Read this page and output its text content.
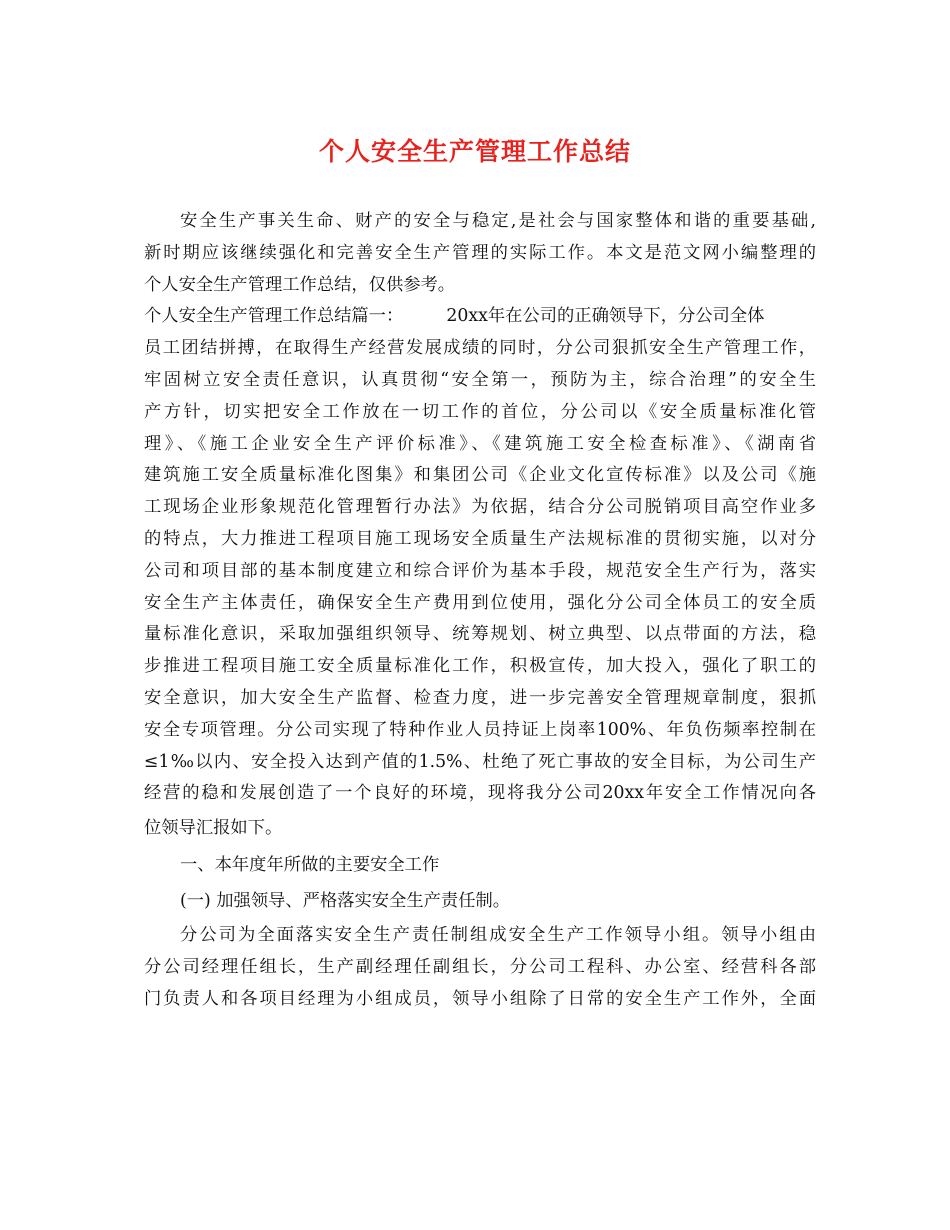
个人安全生产管理工作总结
安全生产事关生命、财产的安全与稳定,是社会与国家整体和谐的重要基础,
新时期应该继续强化和完善安全生产管理的实际工作。本文是范文网小编整理的
个人安全生产管理工作总结，仅供参考。
个人安全生产管理工作总结篇一：　　　20xx年在公司的正确领导下，分公司全体
员工团结拼搏，在取得生产经营发展成绩的同时，分公司狠抓安全生产管理工作，
牢固树立安全责任意识，认真贯彻“安全第一，预防为主，综合治理”的安全生
产方针，切实把安全工作放在一切工作的首位，分公司以《安全质量标准化管
理》、《施工企业安全生产评价标准》、《建筑施工安全检查标准》、《湖南省
建筑施工安全质量标准化图集》和集团公司《企业文化宣传标准》以及公司《施
工现场企业形象规范化管理暂行办法》为依据，结合分公司脱销项目高空作业多
的特点，大力推进工程项目施工现场安全质量生产法规标准的贯彻实施，以对分
公司和项目部的基本制度建立和综合评价为基本手段，规范安全生产行为，落实
安全生产主体责任，确保安全生产费用到位使用，强化分公司全体员工的安全质
量标准化意识，采取加强组织领导、统筹规划、树立典型、以点带面的方法，稳
步推进工程项目施工安全质量标准化工作，积极宣传，加大投入，强化了职工的
安全意识，加大安全生产监督、检查力度，进一步完善安全管理规章制度，狠抓
安全专项管理。分公司实现了特种作业人员持证上岗率100%、年负伤频率控制在
≤1‰以内、安全投入达到产值的1.5%、杜绝了死亡事故的安全目标，为公司生产
经营的稳和发展创造了一个良好的环境，现将我分公司20xx年安全工作情况向各
位领导汇报如下。
一、本年度年所做的主要安全工作
(一) 加强领导、严格落实安全生产责任制。
分公司为全面落实安全生产责任制组成安全生产工作领导小组。领导小组由
分公司经理任组长，生产副经理任副组长，分公司工程科、办公室、经营科各部
门负责人和各项目经理为小组成员，领导小组除了日常的安全生产工作外，全面
